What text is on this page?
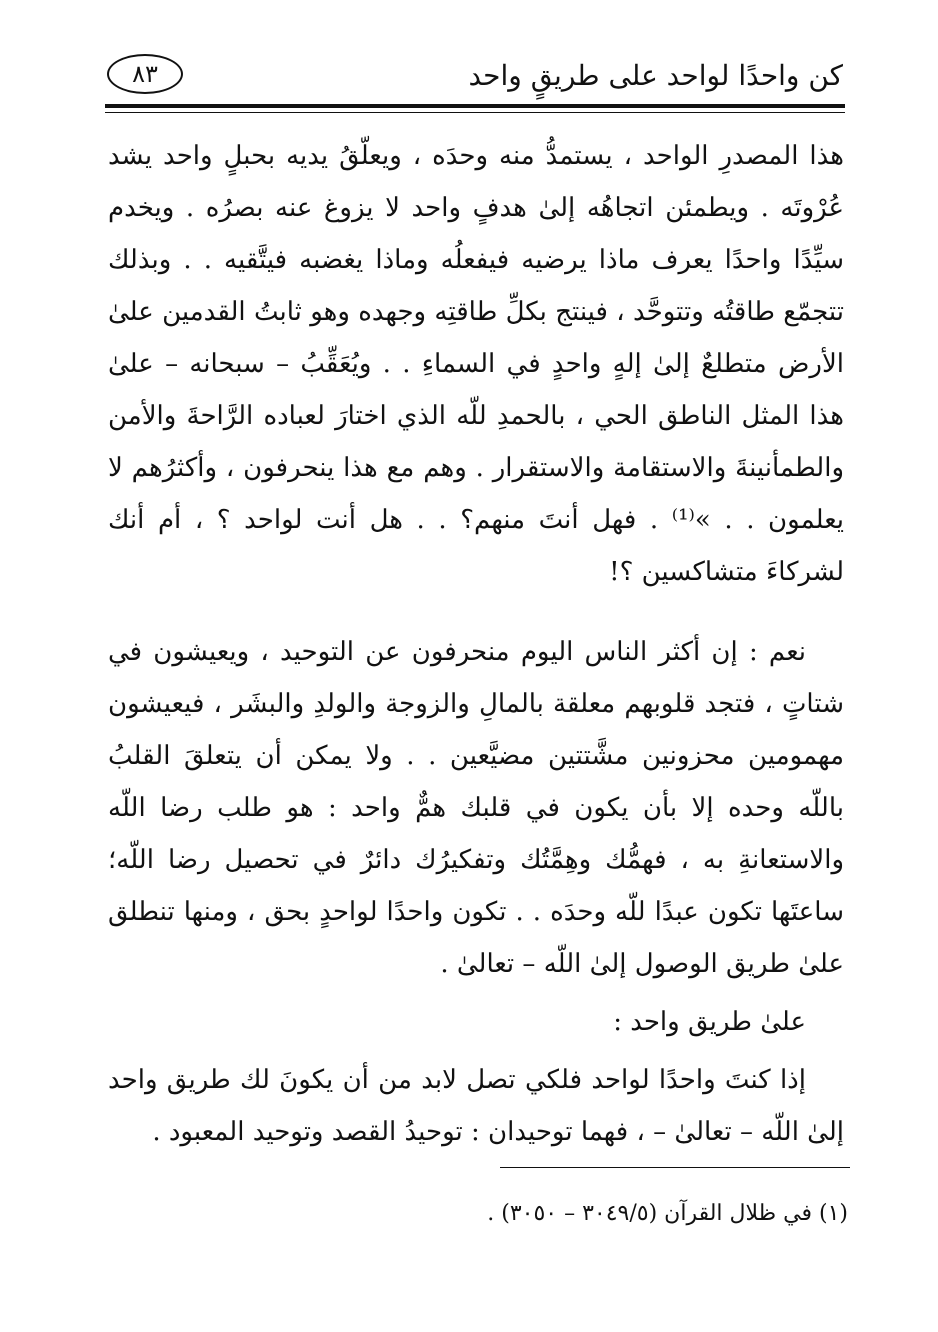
كن واحدًا لواحد على طريقٍ واحد
٨٣

هذا المصدرِ الواحد ، يستمدُّ منه وحدَه ، ويعلّقُ يديه بحبلٍ واحد يشد عُرْوتَه . ويطمئن اتجاهُه إلىٰ هدفٍ واحد لا يزوغ عنه بصرُه . ويخدم سيِّدًا واحدًا يعرف ماذا يرضيه فيفعلُه وماذا يغضبه فيتَّقيه . . وبذلك تتجمّع طاقتُه وتتوحَّد ، فينتج بكلِّ طاقتِه وجهده وهو ثابتُ القدمين علىٰ الأرض متطلعٌ إلىٰ إلهٍ واحدٍ في السماءِ . . ويُعَقِّبُ – سبحانه – علىٰ هذا المثل الناطق الحي ، بالحمدِ للّه الذي اختارَ لعباده الرَّاحةَ والأمن والطمأنينةَ والاستقامة والاستقرار . وهم مع هذا ينحرفون ، وأكثرُهم لا يعلمون . . »⁽¹⁾ . فهل أنتَ منهم؟ . . هل أنت لواحد ؟ ، أم أنك لشركاءَ متشاكسين ؟!

نعم : إن أكثر الناس اليوم منحرفون عن التوحيد ، ويعيشون في شتاتٍ ، فتجد قلوبهم معلقة بالمالِ والزوجة والولدِ والبشَر ، فيعيشون مهمومين محزونين مشَّتتين مضيَّعين . . ولا يمكن أن يتعلقَ القلبُ باللّه وحده إلا بأن يكون في قلبك همٌّ واحد : هو طلب رضا اللّه والاستعانةِ به ، فهمُّك وهِمَّتُك وتفكيرُك دائرٌ في تحصيل رضا اللّه؛ ساعتَها تكون عبدًا للّه وحدَه . . تكون واحدًا لواحدٍ بحق ، ومنها تنطلق علىٰ طريق الوصول إلىٰ اللّه – تعالىٰ .

علىٰ طريق واحد :

إذا كنتَ واحدًا لواحد فلكي تصل لابد من أن يكونَ لك طريق واحد إلىٰ اللّه – تعالىٰ – ، فهما توحيدان : توحيدُ القصد وتوحيد المعبود .

(١) في ظلال القرآن (٣٠٤٩/٥ – ٣٠٥٠) .
